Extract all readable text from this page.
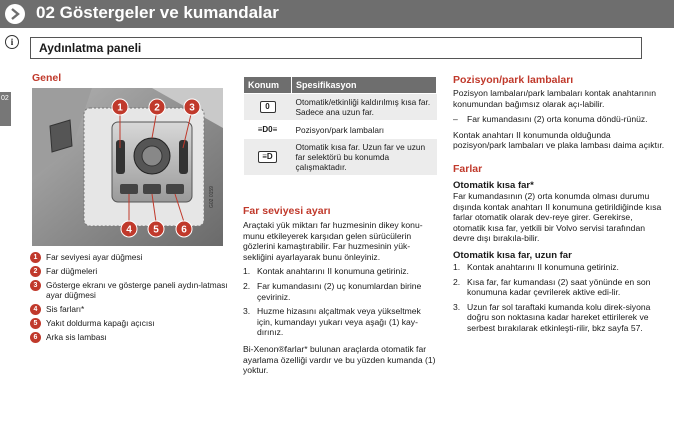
02 Göstergeler ve kumandalar
i	Aydınlatma paneli
02
Genel
1	2	3
4 5 6
G02 0159
1	Far seviyesi ayar düğmesi
2	Far düğmeleri
3	Gösterge ekranı ve gösterge paneli aydın-latması ayar düğmesi
4	Sis farları*
5	Yakıt doldurma kapağı açıcısı
6	Arka sis lambası
Konum	Spesifikasyon
0	Otomatik/etkinliği kaldırılmış kısa far. Sadece ana uzun far.
≡D0≡	Pozisyon/park lambaları
≡D	Otomatik kısa far. Uzun far ve uzun far selektörü bu konumda çalışmaktadır.
Far seviyesi ayarı
Araçtaki yük miktarı far huzmesinin dikey konu-munu etkileyerek karşıdan gelen sürücülerin gözlerini kamaştırabilir. Far huzmesinin yük-sekliğini ayarlayarak bunu önleyiniz.
1. Kontak anahtarını II konumuna getiriniz.
2. Far kumandasını (2) uç konumlardan birine çeviriniz.
3. Huzme hizasını alçaltmak veya yükseltmek için, kumandayı yukarı veya aşağı (1) kay-dırınız.
Bi-Xenon®farlar* bulunan araçlarda otomatik far ayarlama özelliği vardır ve bu yüzden kumanda (1) yoktur.
Pozisyon/park lambaları
Pozisyon lambaları/park lambaları kontak anahtarının konumundan bağımsız olarak açı-labilir.
– Far kumandasını (2) orta konuma döndü-rünüz.
Kontak anahtarı II konumunda olduğunda pozisyon/park lambaları ve plaka lambası daima açıktır.
Farlar
Otomatik kısa far*
Far kumandasının (2) orta konumda olması durumu dışında kontak anahtarı II konumuna getirildiğinde kısa farlar otomatik olarak dev-reye girer. Gerekirse, otomatik kısa far, yetkili bir Volvo servisi tarafından devre dışı bırakıla-bilir.
Otomatik kısa far, uzun far
1. Kontak anahtarını II konumuna getiriniz.
2. Kısa far, far kumandası (2) saat yönünde en son konumuna kadar çevrilerek aktive edi-lir.
3. Uzun far sol taraftaki kumanda kolu direk-siyona doğru son noktasına kadar hareket ettirilerek ve serbest bırakılarak etkinleşti-rilir, bkz sayfa 57.
